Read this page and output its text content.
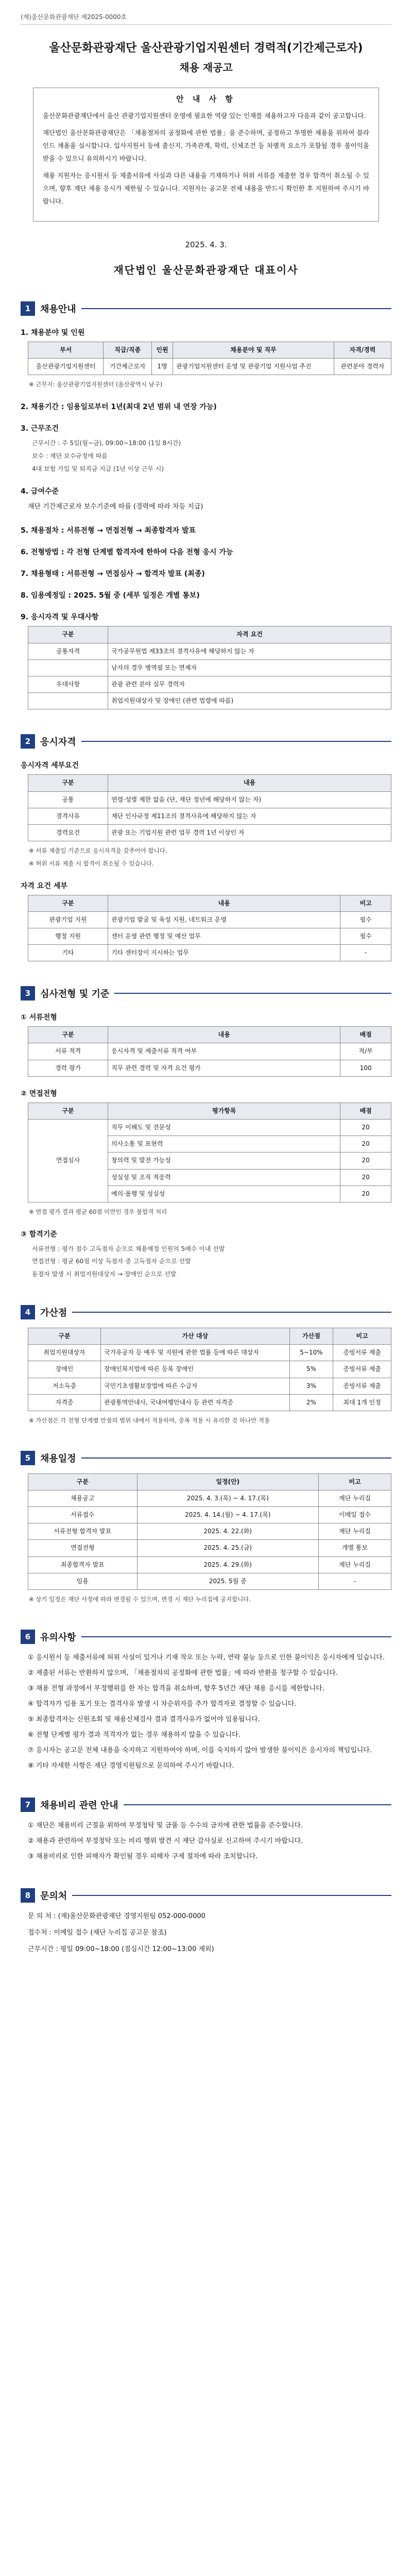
(재)울산문화관광재단 제2025-0000호
울산문화관광재단 울산관광기업지원센터 경력적(기간제근로자)
채용 재공고
안 내 사 항

울산문화관광재단에서 울산 관광기업지원센터 운영에 필요한 역량 있는 인재를 채용하고자 다음과 같이 공고합니다.

재단법인 울산문화관광재단은 「채용절차의 공정화에 관한 법률」을 준수하며, 공정하고 투명한 채용을 위하여 블라인드 채용을 실시합니다. 입사지원서 등에 출신지, 가족관계, 학력, 신체조건 등 차별적 요소가 포함될 경우 불이익을 받을 수 있으니 유의하시기 바랍니다.

채용 지원자는 응시원서 등 제출서류에 사실과 다른 내용을 기재하거나 허위 서류를 제출한 경우 합격이 취소될 수 있으며, 향후 재단 채용 응시가 제한될 수 있습니다. 지원자는 공고문 전체 내용을 반드시 확인한 후 지원하여 주시기 바랍니다.

2025. 4. 3.
재단법인 울산문화관광재단 대표이사
1	채용안내
1. 채용분야 및 인원
부서	직급/직종	인원	채용분야 및 직무	자격/경력
울산관광기업지원센터	기간제근로자	1명	관광기업지원센터 운영 및 관광기업 지원사업 추진	관련분야 경력자
※ 근무지: 울산관광기업지원센터 (울산광역시 남구)
2. 채용기간 : 임용일로부터 1년(최대 2년 범위 내 연장 가능)
3. 근무조건
근무시간 : 주 5일(월~금), 09:00~18:00 (1일 8시간)
보수 : 재단 보수규정에 따름
4대 보험 가입 및 퇴직금 지급 (1년 이상 근무 시)
4. 급여수준
재단 기간제근로자 보수기준에 따름 (경력에 따라 차등 지급)
5. 채용절차 : 서류전형 → 면접전형 → 최종합격자 발표
6. 전형방법 : 각 전형 단계별 합격자에 한하여 다음 전형 응시 가능
7. 채용형태 : 서류전형 → 면접심사 → 합격자 발표 (최종)
8. 임용예정일 : 2025. 5월 중 (세부 일정은 개별 통보)
9. 응시자격 및 우대사항
구분	자격 요건
공통자격	국가공무원법 제33조의 결격사유에 해당하지 않는 자
	남자의 경우 병역필 또는 면제자
우대사항	관광 관련 분야 실무 경력자
	취업지원대상자 및 장애인 (관련 법령에 따름)
2	응시자격
응시자격 세부요건
구분	내용
공통	연령·성별 제한 없음 (단, 재단 정년에 해당하지 않는 자)
결격사유	재단 인사규정 제11조의 결격사유에 해당하지 않는 자
경력요건	관광 또는 기업지원 관련 업무 경력 1년 이상인 자
※ 서류 제출일 기준으로 응시자격을 갖추어야 합니다.
※ 허위 서류 제출 시 합격이 취소될 수 있습니다.
자격 요건 세부
구분	내용	비고
관광기업 지원	관광기업 발굴 및 육성 지원, 네트워크 운영	필수
행정 지원	센터 운영 관련 행정 및 예산 업무	필수
기타	기타 센터장이 지시하는 업무	-
3	심사전형 및 기준
① 서류전형
구분	내용	배점
서류 적격	응시자격 및 제출서류 적격 여부	적/부
경력 평가	직무 관련 경력 및 자격 요건 평가	100
② 면접전형
구분	평가항목	배점
면접심사	직무 이해도 및 전문성	20
	의사소통 및 표현력	20
	창의력 및 발전 가능성	20
	성실성 및 조직 적응력	20
	예의·품행 및 성실성	20
※ 면접 평가 결과 평균 60점 미만인 경우 불합격 처리
③ 합격기준
서류전형 : 평가 점수 고득점자 순으로 채용예정 인원의 5배수 이내 선발
면접전형 : 평균 60점 이상 득점자 중 고득점자 순으로 선발
동점자 발생 시 취업지원대상자 → 장애인 순으로 선발
4	가산점
구분	가산 대상	가산점	비고
취업지원대상자	국가유공자 등 예우 및 지원에 관한 법률 등에 따른 대상자	5~10%	증빙서류 제출
장애인	장애인복지법에 따른 등록 장애인	5%	증빙서류 제출
저소득층	국민기초생활보장법에 따른 수급자	3%	증빙서류 제출
자격증	관광통역안내사, 국내여행안내사 등 관련 자격증	2%	최대 1개 인정
※ 가산점은 각 전형 단계별 만점의 범위 내에서 적용하며, 중복 적용 시 유리한 것 하나만 적용
5	채용일정
구분	일정(안)	비고
채용공고	2025. 4. 3.(목) ~ 4. 17.(목)	재단 누리집
서류접수	2025. 4. 14.(월) ~ 4. 17.(목)	이메일 접수
서류전형 합격자 발표	2025. 4. 22.(화)	재단 누리집
면접전형	2025. 4. 25.(금)	개별 통보
최종합격자 발표	2025. 4. 29.(화)	재단 누리집
임용	2025. 5월 중	-
※ 상기 일정은 재단 사정에 따라 변경될 수 있으며, 변경 시 재단 누리집에 공지합니다.
6	유의사항
① 응시원서 등 제출서류에 허위 사실이 있거나 기재 착오 또는 누락, 연락 불능 등으로 인한 불이익은 응시자에게 있습니다.
② 제출된 서류는 반환하지 않으며, 「채용절차의 공정화에 관한 법률」에 따라 반환을 청구할 수 있습니다.
③ 채용 전형 과정에서 부정행위를 한 자는 합격을 취소하며, 향후 5년간 재단 채용 응시를 제한합니다.
④ 합격자가 임용 포기 또는 결격사유 발생 시 차순위자를 추가 합격자로 결정할 수 있습니다.
⑤ 최종합격자는 신원조회 및 채용신체검사 결과 결격사유가 없어야 임용됩니다.
⑥ 전형 단계별 평가 결과 적격자가 없는 경우 채용하지 않을 수 있습니다.
⑦ 응시자는 공고문 전체 내용을 숙지하고 지원하여야 하며, 이를 숙지하지 않아 발생한 불이익은 응시자의 책임입니다.
⑧ 기타 자세한 사항은 재단 경영지원팀으로 문의하여 주시기 바랍니다.
7	채용비리 관련 안내
① 재단은 채용비리 근절을 위하여 부정청탁 및 금품 등 수수의 금지에 관한 법률을 준수합니다.
② 채용과 관련하여 부정청탁 또는 비리 행위 발견 시 재단 감사실로 신고하여 주시기 바랍니다.
③ 채용비리로 인한 피해자가 확인될 경우 피해자 구제 절차에 따라 조치합니다.
8	문의처
문 의 처 : (재)울산문화관광재단 경영지원팀 052-000-0000
접수처 : 이메일 접수 (재단 누리집 공고문 참조)
근무시간 : 평일 09:00~18:00 (점심시간 12:00~13:00 제외)
